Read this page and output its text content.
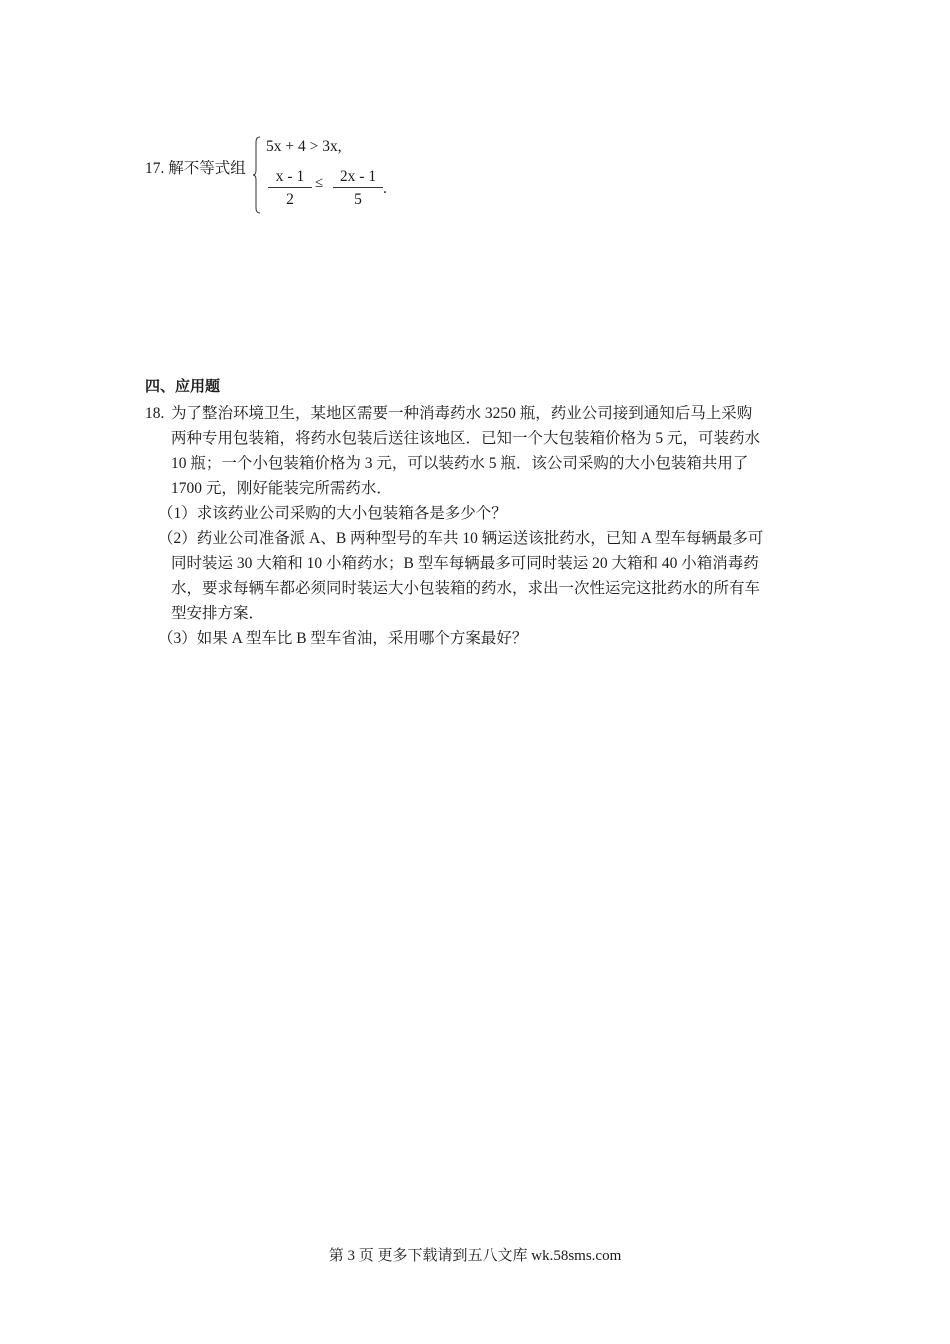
17. 解不等式组
5x + 4 > 3x,
x - 1
2
≤	2x - 1
5
.
四、应用题
18. 为了整治环境卫生，某地区需要一种消毒药水 3250 瓶，药业公司接到通知后马上采购
两种专用包装箱，将药水包装后送往该地区．已知一个大包装箱价格为 5 元，可装药水
10 瓶；一个小包装箱价格为 3 元，可以装药水 5 瓶．该公司采购的大小包装箱共用了
1700 元，刚好能装完所需药水．
（1）求该药业公司采购的大小包装箱各是多少个？
（2）药业公司准备派 A、B 两种型号的车共 10 辆运送该批药水，已知 A 型车每辆最多可
同时装运 30 大箱和 10 小箱药水；B 型车每辆最多可同时装运 20 大箱和 40 小箱消毒药
水，要求每辆车都必须同时装运大小包装箱的药水，求出一次性运完这批药水的所有车
型安排方案．
（3）如果 A 型车比 B 型车省油，采用哪个方案最好？
第 3 页 更多下载请到五八文库 wk.58sms.com
